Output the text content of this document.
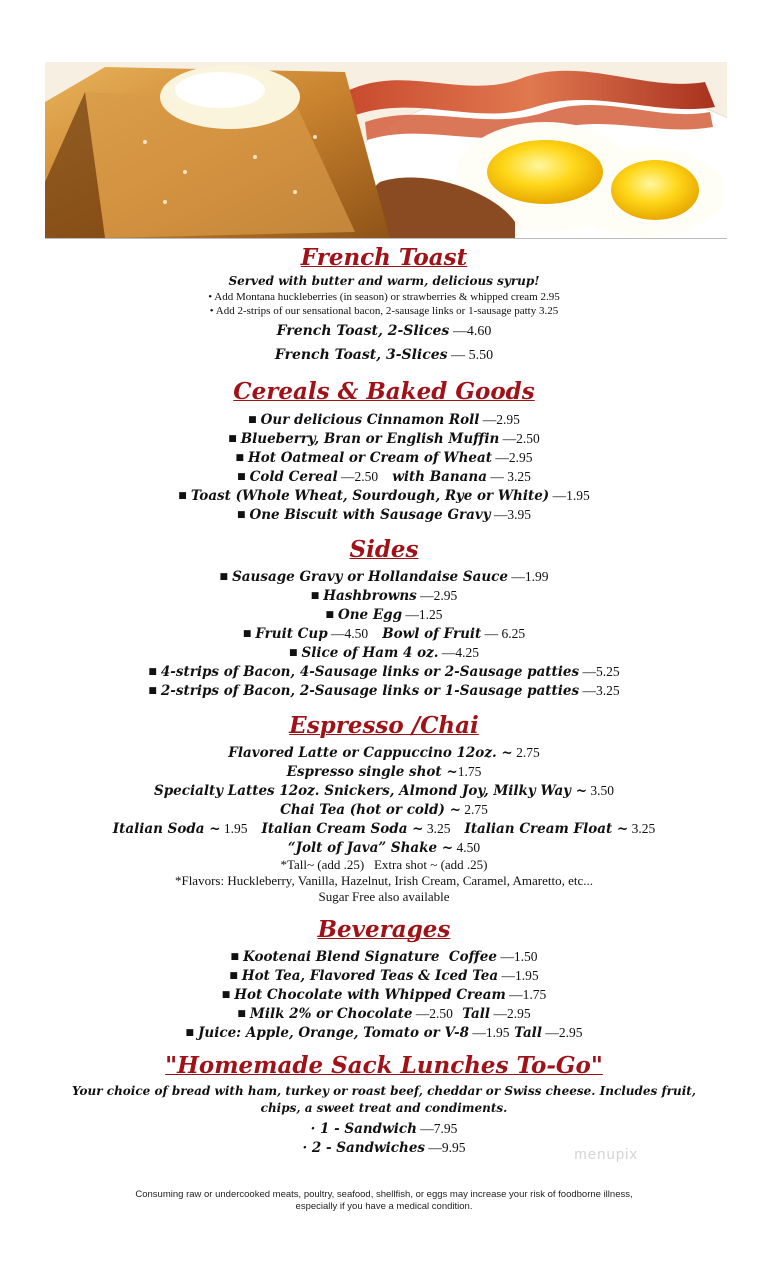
French Toast
Served with butter and warm, delicious syrup!
• Add Montana huckleberries (in season) or strawberries & whipped cream 2.95
• Add 2-strips of our sensational bacon, 2-sausage links or 1-sausage patty 3.25
French Toast, 2-Slices —4.60
French Toast, 3-Slices — 5.50
Cereals & Baked Goods
■ Our delicious Cinnamon Roll —2.95
■ Blueberry, Bran or English Muffin —2.50
■ Hot Oatmeal or Cream of Wheat —2.95
■ Cold Cereal —2.50   with Banana — 3.25
■ Toast (Whole Wheat, Sourdough, Rye or White) —1.95
■ One Biscuit with Sausage Gravy —3.95
Sides
■ Sausage Gravy or Hollandaise Sauce —1.99
■ Hashbrowns —2.95
■ One Egg —1.25
■ Fruit Cup —4.50   Bowl of Fruit — 6.25
■ Slice of Ham 4 oz. —4.25
■ 4-strips of Bacon, 4-Sausage links or 2-Sausage patties —5.25
■ 2-strips of Bacon, 2-Sausage links or 1-Sausage patties —3.25
Espresso /Chai
Flavored Latte or Cappuccino 12oz. ~ 2.75
Espresso single shot ~1.75
Specialty Lattes 12oz. Snickers, Almond Joy, Milky Way ~ 3.50
Chai Tea (hot or cold) ~ 2.75
Italian Soda ~ 1.95 Italian Cream Soda ~ 3.25 Italian Cream Float ~ 3.25
“Jolt of Java” Shake ~ 4.50
*Tall~ (add .25)   Extra shot ~ (add .25)
*Flavors: Huckleberry, Vanilla, Hazelnut, Irish Cream, Caramel, Amaretto, etc...
Sugar Free also available
Beverages
■ Kootenai Blend Signature  Coffee —1.50
■ Hot Tea, Flavored Teas & Iced Tea —1.95
■ Hot Chocolate with Whipped Cream —1.75
■ Milk 2% or Chocolate —2.50  Tall —2.95
■ Juice: Apple, Orange, Tomato or V-8 —1.95 Tall —2.95
"Homemade Sack Lunches To-Go"
Your choice of bread with ham, turkey or roast beef, cheddar or Swiss cheese. Includes fruit,
chips, a sweet treat and condiments.
· 1 - Sandwich —7.95
· 2 - Sandwiches —9.95	menupix
Consuming raw or undercooked meats, poultry, seafood, shellfish, or eggs may increase your risk of foodborne illness,
especially if you have a medical condition.
